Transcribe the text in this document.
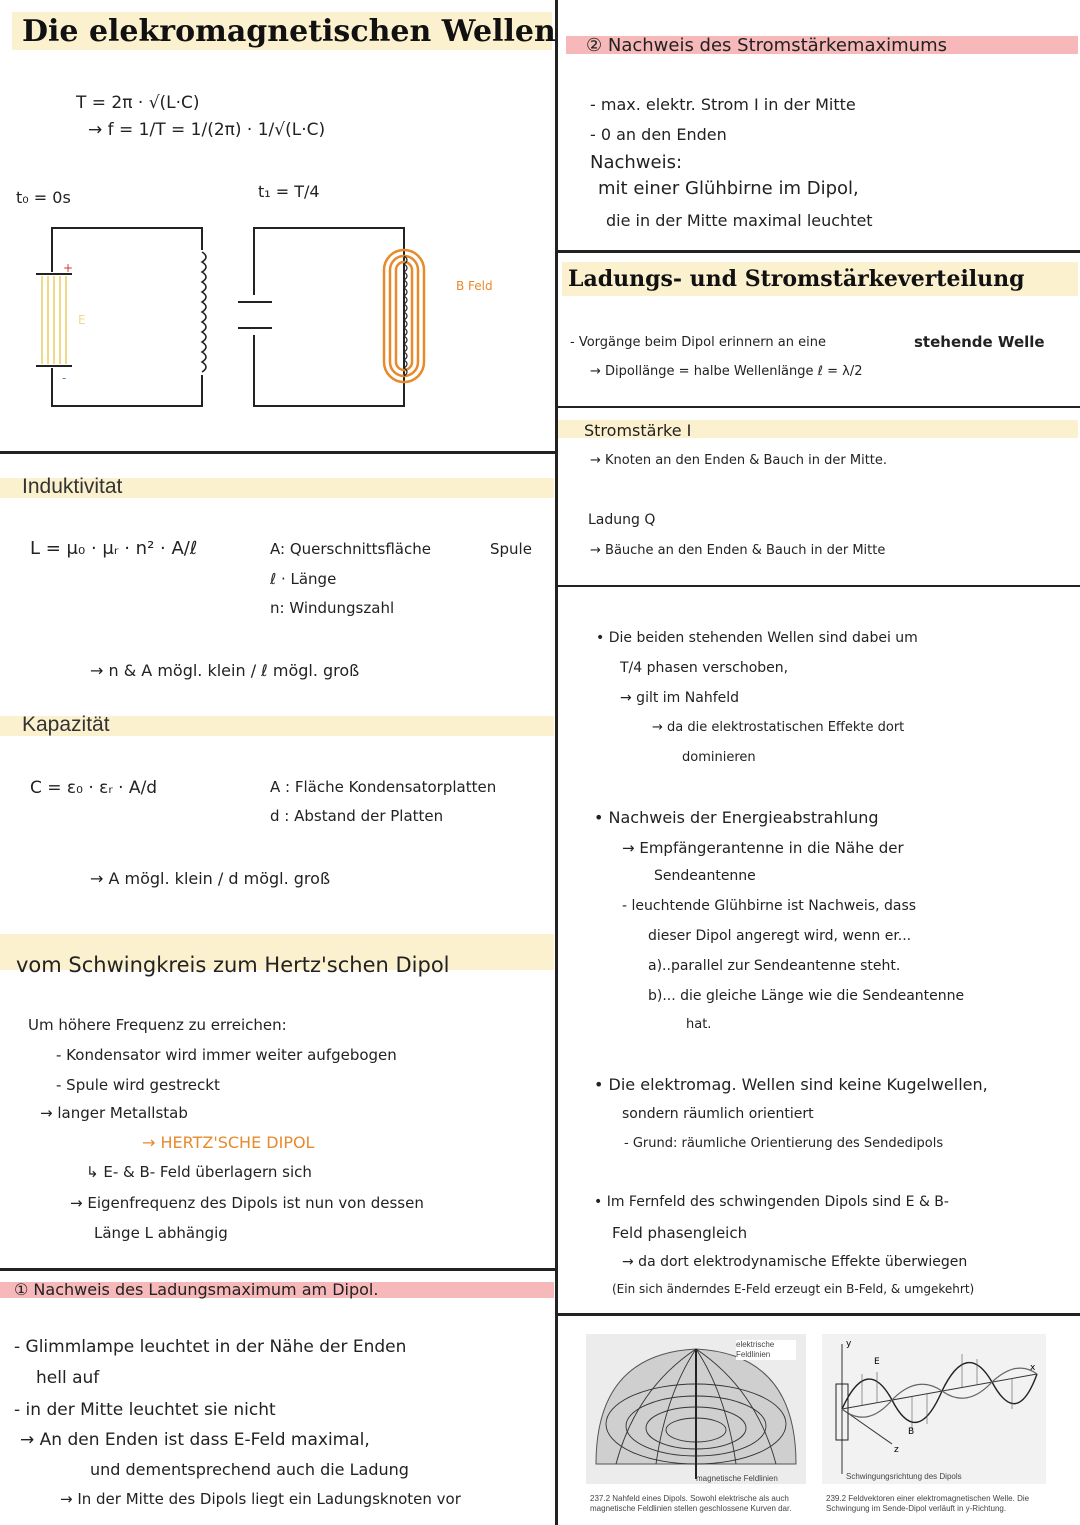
Die elekromagnetischen Wellen
T = 2π · √(L·C)
→ f = 1/T = 1/(2π) · 1/√(L·C)
t₀ = 0s	t₁ = T/4
+
-
E
B Feld
Induktivitat
L = μ₀ · μᵣ · n² · A/ℓ	A: Querschnittsfläche
ℓ · Länge
n: Windungszahl
Spule
→ n & A mögl. klein / ℓ mögl. groß
Kapazität
C = ε₀ · εᵣ · A/d	A : Fläche Kondensatorplatten
d : Abstand der Platten
→ A mögl. klein / d mögl. groß
vom Schwingkreis zum Hertz'schen Dipol
Um höhere Frequenz zu erreichen:
- Kondensator wird immer weiter aufgebogen
- Spule wird gestreckt
→ langer Metallstab
→ HERTZ'SCHE DIPOL
↳ E- & B- Feld überlagern sich
→ Eigenfrequenz des Dipols ist nun von dessen
Länge L abhängig
① Nachweis des Ladungsmaximum am Dipol.
- Glimmlampe leuchtet in der Nähe der Enden
hell auf
- in der Mitte leuchtet sie nicht
→ An den Enden ist dass E-Feld maximal,
und dementsprechend auch die Ladung
→ In der Mitte des Dipols liegt ein Ladungsknoten vor
② Nachweis des Stromstärkemaximums
- max. elektr. Strom I in der Mitte
- 0 an den Enden
Nachweis:
mit einer Glühbirne im Dipol,
die in der Mitte maximal leuchtet
Ladungs- und Stromstärkeverteilung
- Vorgänge beim Dipol erinnern an eine	stehende Welle
→ Dipollänge = halbe Wellenlänge ℓ = λ/2
Stromstärke I
→ Knoten an den Enden & Bauch in der Mitte.
Ladung Q
→ Bäuche an den Enden & Bauch in der Mitte
• Die beiden stehenden Wellen sind dabei um
T/4 phasen verschoben,
→ gilt im Nahfeld
→ da die elektrostatischen Effekte dort
dominieren
• Nachweis der Energieabstrahlung
→ Empfängerantenne in die Nähe der
Sendeantenne
- leuchtende Glühbirne ist Nachweis, dass
dieser Dipol angeregt wird, wenn er...
a)..parallel zur Sendeantenne steht.
b)... die gleiche Länge wie die Sendeantenne
hat.
• Die elektromag. Wellen sind keine Kugelwellen,
sondern räumlich orientiert
- Grund: räumliche Orientierung des Sendedipols
• Im Fernfeld des schwingenden Dipols sind E & B-
Feld phasengleich
→ da dort elektrodynamische Effekte überwiegen
(Ein sich änderndes E-Feld erzeugt ein B-Feld, & umgekehrt)
elektrische Feldlinien
magnetische Feldlinien
237.2 Nahfeld eines Dipols. Sowohl elektrische als auch magnetische Feldlinien stellen geschlossene Kurven dar.
y
x
z
E
B
Schwingungsrichtung des Dipols
239.2 Feldvektoren einer elektromagnetischen Welle. Die Schwingung im Sende-Dipol verläuft in y-Richtung.
